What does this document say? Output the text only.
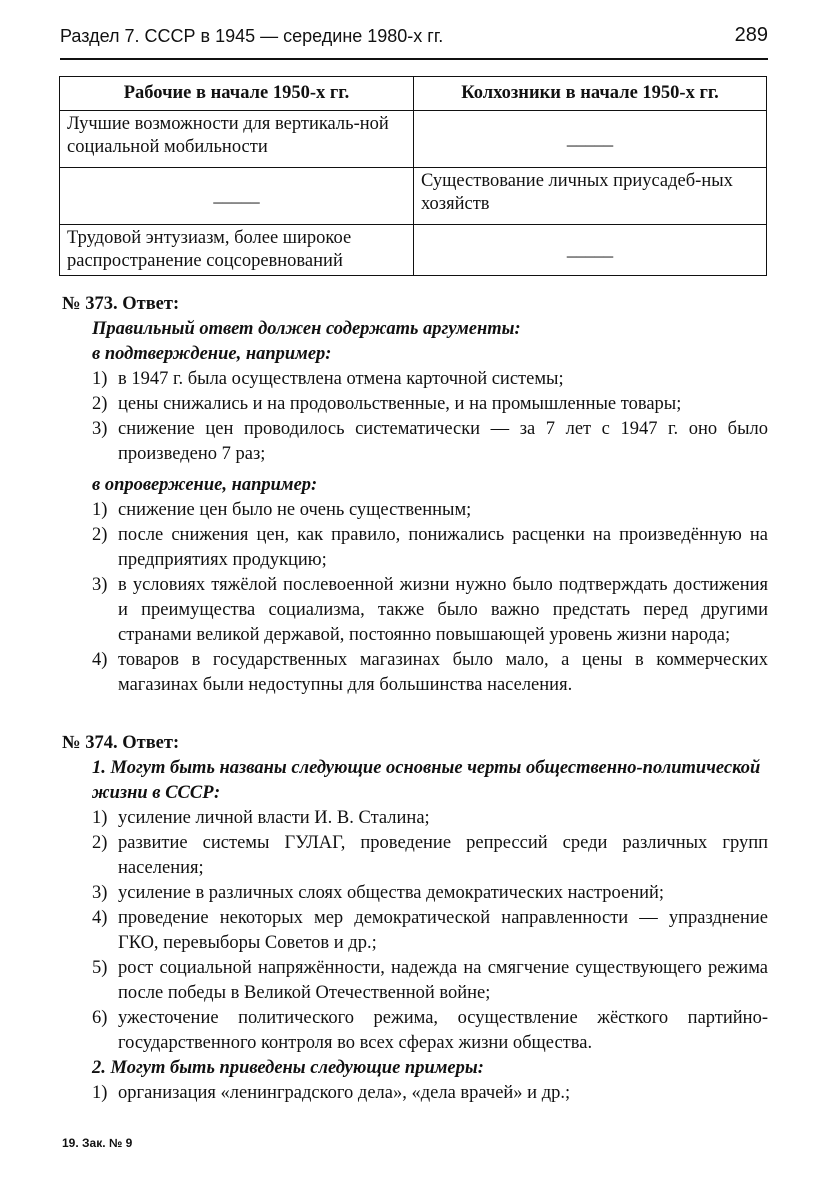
Раздел 7. СССР в 1945 — середине 1980-х гг.	289
Рабочие в начале 1950-х гг.	Колхозники в начале 1950-х гг.
Лучшие возможности для вертикаль-ной социальной мобильности	_____
_____	Существование личных приусадеб-ных хозяйств
Трудовой энтузиазм, более широкое распространение соцсоревнований	_____
№ 373. Ответ:
Правильный ответ должен содержать аргументы:
в подтверждение, например:
1) в 1947 г. была осуществлена отмена карточной системы;
2) цены снижались и на продовольственные, и на промышленные товары;
3) снижение цен проводилось систематически — за 7 лет с 1947 г. оно было произведено 7 раз;
в опровержение, например:
1) снижение цен было не очень существенным;
2) после снижения цен, как правило, понижались расценки на произведённую на предприятиях продукцию;
3) в условиях тяжёлой послевоенной жизни нужно было подтверждать достижения и преимущества социализма, также было важно предстать перед другими странами великой державой, постоянно повышающей уровень жизни народа;
4) товаров в государственных магазинах было мало, а цены в коммерческих магазинах были недоступны для большинства населения.
№ 374. Ответ:
1. Могут быть названы следующие основные черты общественно-политической жизни в СССР:
1) усиление личной власти И. В. Сталина;
2) развитие системы ГУЛАГ, проведение репрессий среди различных групп населения;
3) усиление в различных слоях общества демократических настроений;
4) проведение некоторых мер демократической направленности — упразднение ГКО, перевыборы Советов и др.;
5) рост социальной напряжённости, надежда на смягчение существующего режима после победы в Великой Отечественной войне;
6) ужесточение политического режима, осуществление жёсткого партийно-государственного контроля во всех сферах жизни общества.
2. Могут быть приведены следующие примеры:
1) организация «ленинградского дела», «дела врачей» и др.;
19. Зак. № 9
